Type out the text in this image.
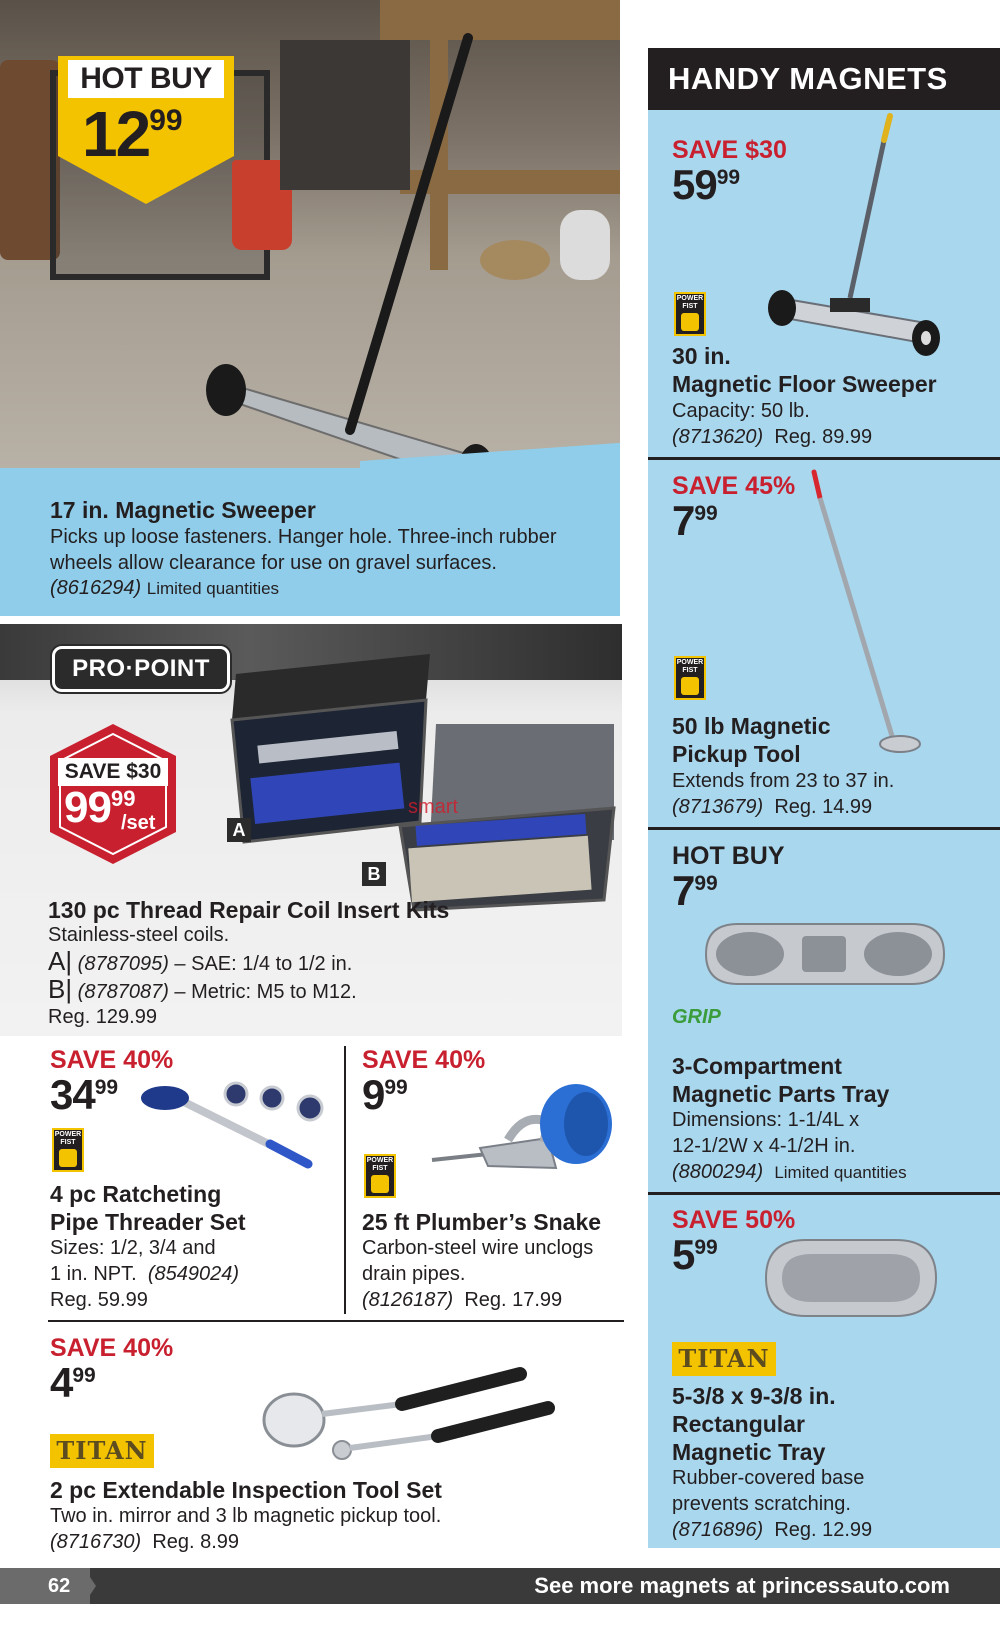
HOT BUY
1299
17 in. Magnetic Sweeper
Picks up loose fasteners. Hanger hole. Three-inch rubber
wheels allow clearance for use on gravel surfaces.
(8616294) Limited quantities
PRO·POINT
A
B
smart
SAVE $30
9999
/set
130 pc Thread Repair Coil Insert Kits
Stainless-steel coils.
A| (8787095) – SAE: 1/4 to 1/2 in.
B| (8787087) – Metric: M5 to M12.
Reg. 129.99
SAVE 40%
3499
POWER FIST
4 pc Ratcheting
Pipe Threader Set
Sizes: 1/2, 3/4 and
1 in. NPT. (8549024)
Reg. 59.99
SAVE 40%
999
POWER FIST
25 ft Plumber’s Snake
Carbon-steel wire unclogs
drain pipes.
(8126187) Reg. 17.99
SAVE 40%
499
TITAN
2 pc Extendable Inspection Tool Set
Two in. mirror and 3 lb magnetic pickup tool.
(8716730) Reg. 8.99
HANDY MAGNETS
SAVE $30
5999
POWER FIST
30 in.
Magnetic Floor Sweeper
Capacity: 50 lb.
(8713620) Reg. 89.99
SAVE 45%
799
POWER FIST
50 lb Magnetic
Pickup Tool
Extends from 23 to 37 in.
(8713679) Reg. 14.99
HOT BUY
799
GRIP
3-Compartment
Magnetic Parts Tray
Dimensions: 1-1/4L x
12-1/2W x 4-1/2H in.
(8800294) Limited quantities
SAVE 50%
599
TITAN
5-3/8 x 9-3/8 in.
Rectangular
Magnetic Tray
Rubber-covered base
prevents scratching.
(8716896) Reg. 12.99
62	See more magnets at princessauto.com
